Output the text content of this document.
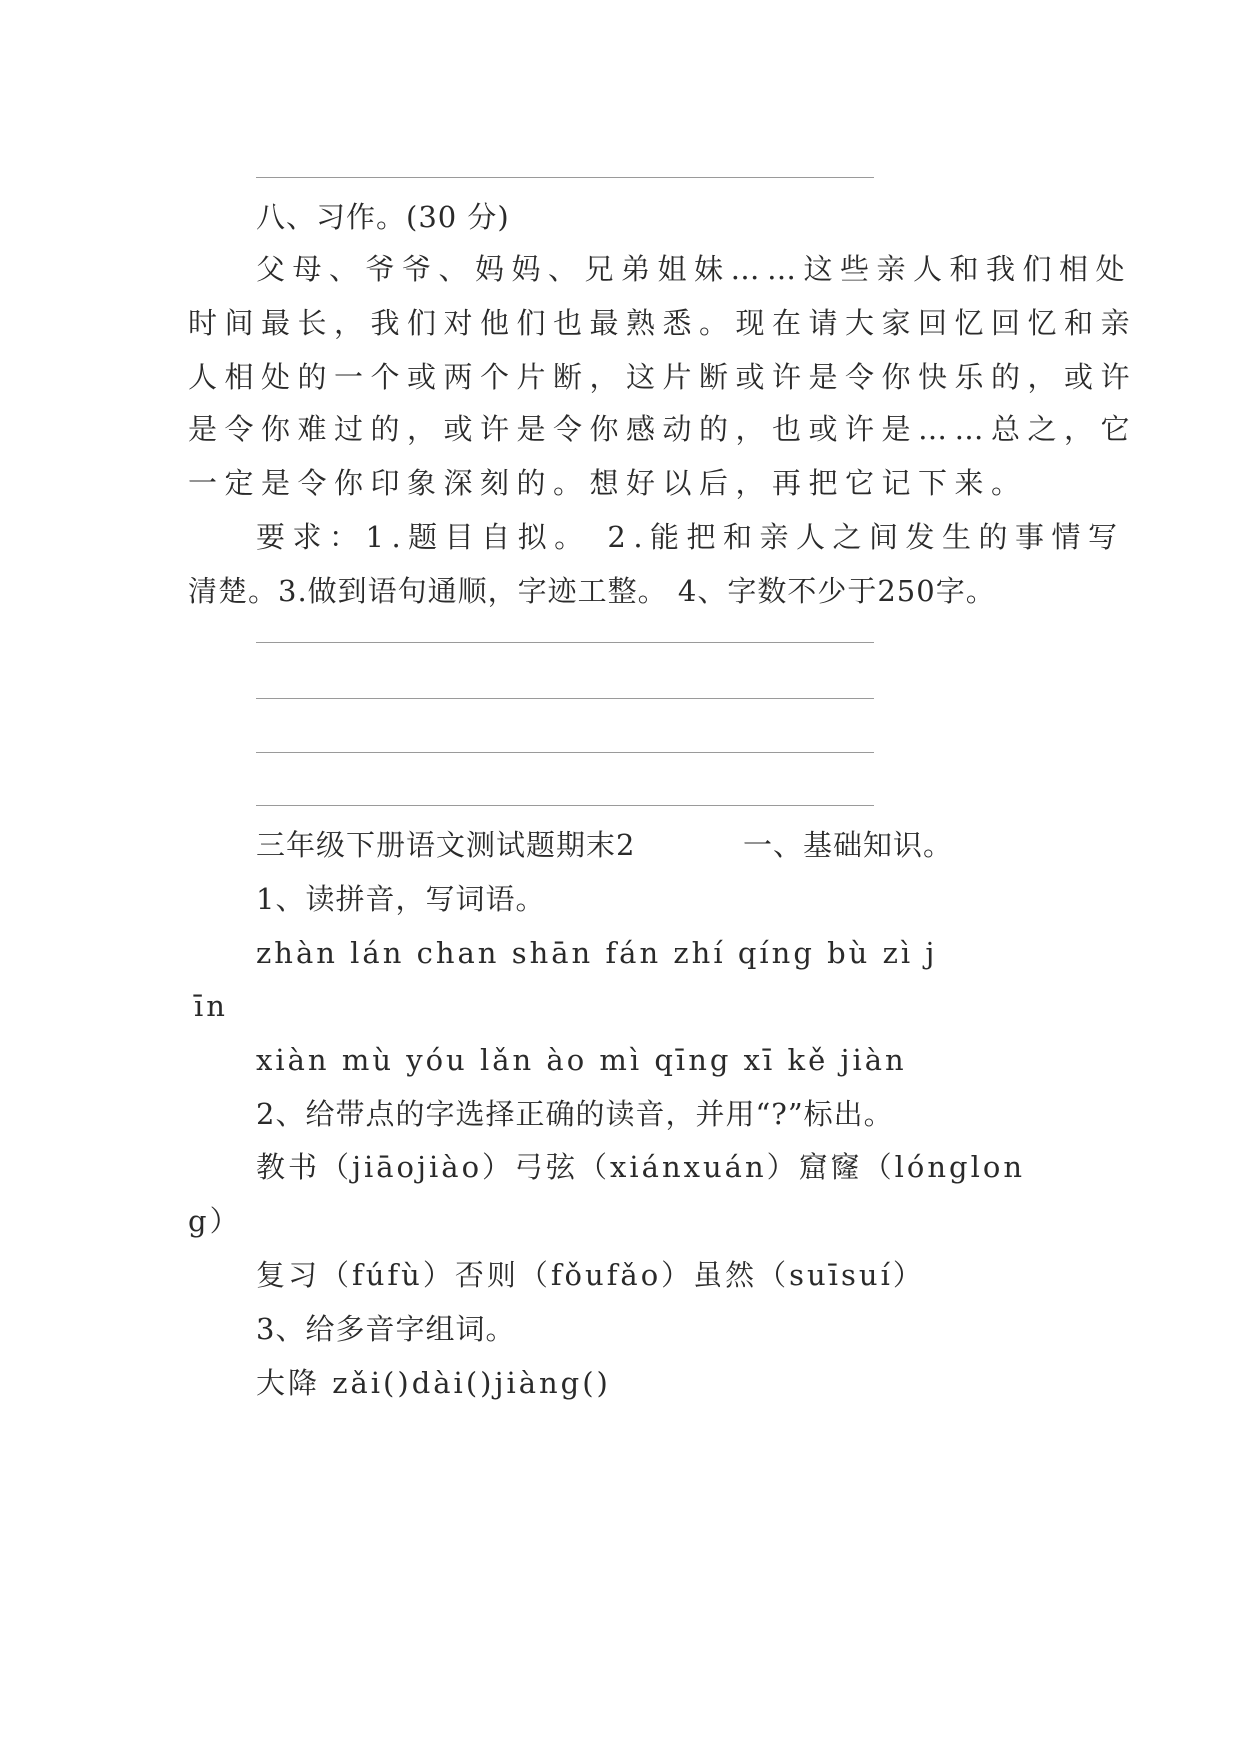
八、习作。(30 分)
父母、爷爷、妈妈、兄弟姐妹……这些亲人和我们相处
时间最长，我们对他们也最熟悉。现在请大家回忆回忆和亲
人相处的一个或两个片断，这片断或许是令你快乐的，或许
是令你难过的，或许是令你感动的，也或许是……总之，它
一定是令你印象深刻的。想好以后，再把它记下来。
要求：1.题目自拟。 2.能把和亲人之间发生的事情写
清楚。3.做到语句通顺，字迹工整。 4、字数不少于250字。
三年级下册语文测试题期末2	一、基础知识。
1、读拼音，写词语。
zhàn lán chan shān fán zhí qíng bù zì j
īn
xiàn mù yóu lǎn ào mì qīng xī kě jiàn
2、给带点的字选择正确的读音，并用“?”标出。
教书（jiāojiào）弓弦（xiánxuán）窟窿（lónglon
g）
复习（fúfù）否则（fǒufǎo）虽然（suīsuí）
3、给多音字组词。
大降 zǎi()dài()jiàng()
